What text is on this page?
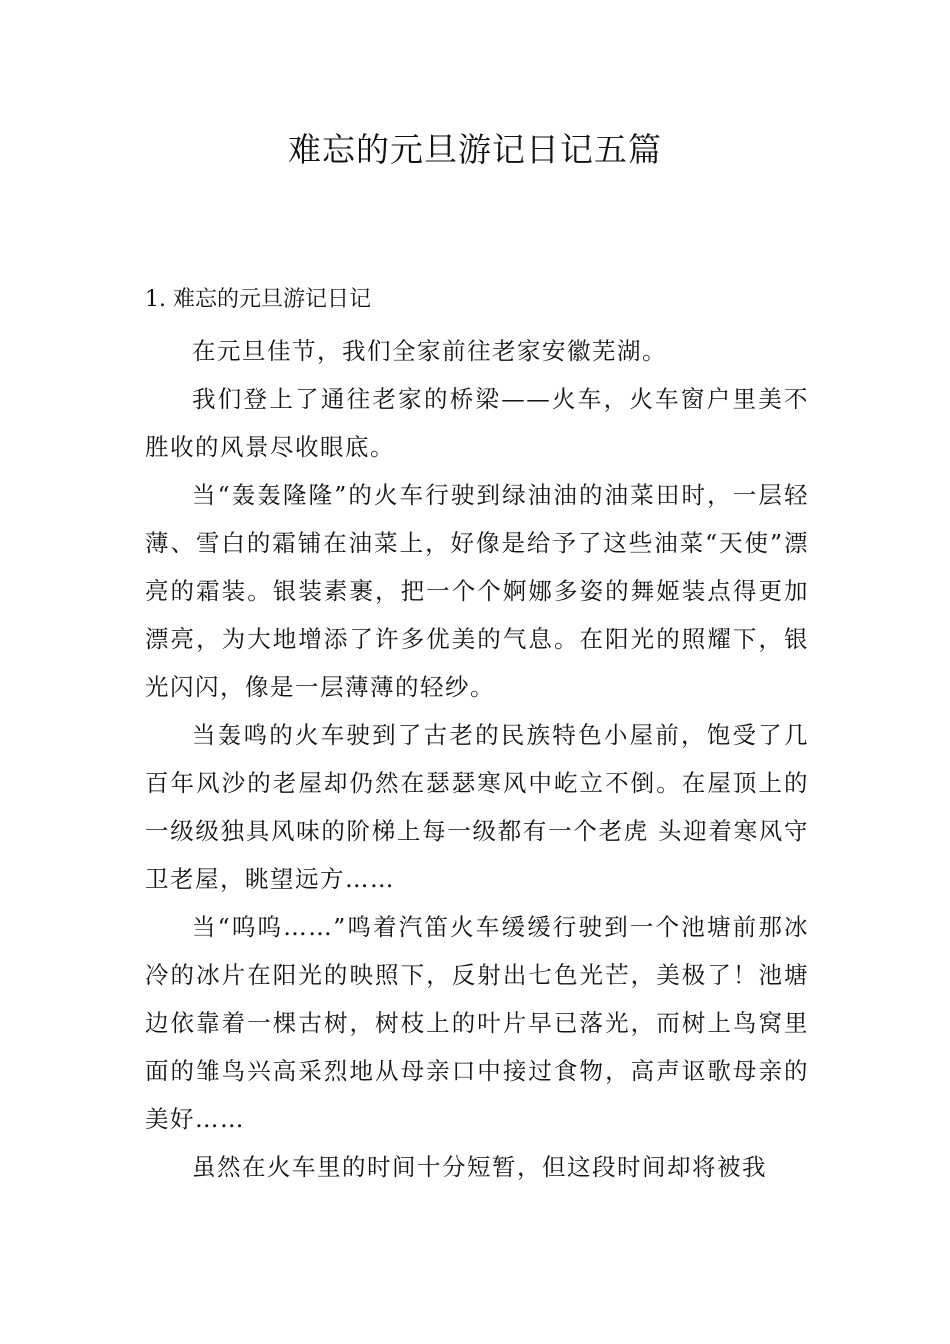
难忘的元旦游记日记五篇
1. 难忘的元旦游记日记

在元旦佳节，我们全家前往老家安徽芜湖。

我们登上了通往老家的桥梁——火车，火车窗户里美不胜收的风景尽收眼底。

当“轰轰隆隆”的火车行驶到绿油油的油菜田时，一层轻薄、雪白的霜铺在油菜上，好像是给予了这些油菜“天使”漂亮的霜装。银装素裹，把一个个婀娜多姿的舞姬装点得更加漂亮，为大地增添了许多优美的气息。在阳光的照耀下，银光闪闪，像是一层薄薄的轻纱。

当轰鸣的火车驶到了古老的民族特色小屋前，饱受了几百年风沙的老屋却仍然在瑟瑟寒风中屹立不倒。在屋顶上的一级级独具风味的阶梯上每一级都有一个老虎 头迎着寒风守卫老屋，眺望远方……

当“呜呜……”鸣着汽笛火车缓缓行驶到一个池塘前那冰冷的冰片在阳光的映照下，反射出七色光芒，美极了！池塘边依靠着一棵古树，树枝上的叶片早已落光，而树上鸟窝里面的雏鸟兴高采烈地从母亲口中接过食物，高声讴歌母亲的美好……

虽然在火车里的时间十分短暂，但这段时间却将被我
